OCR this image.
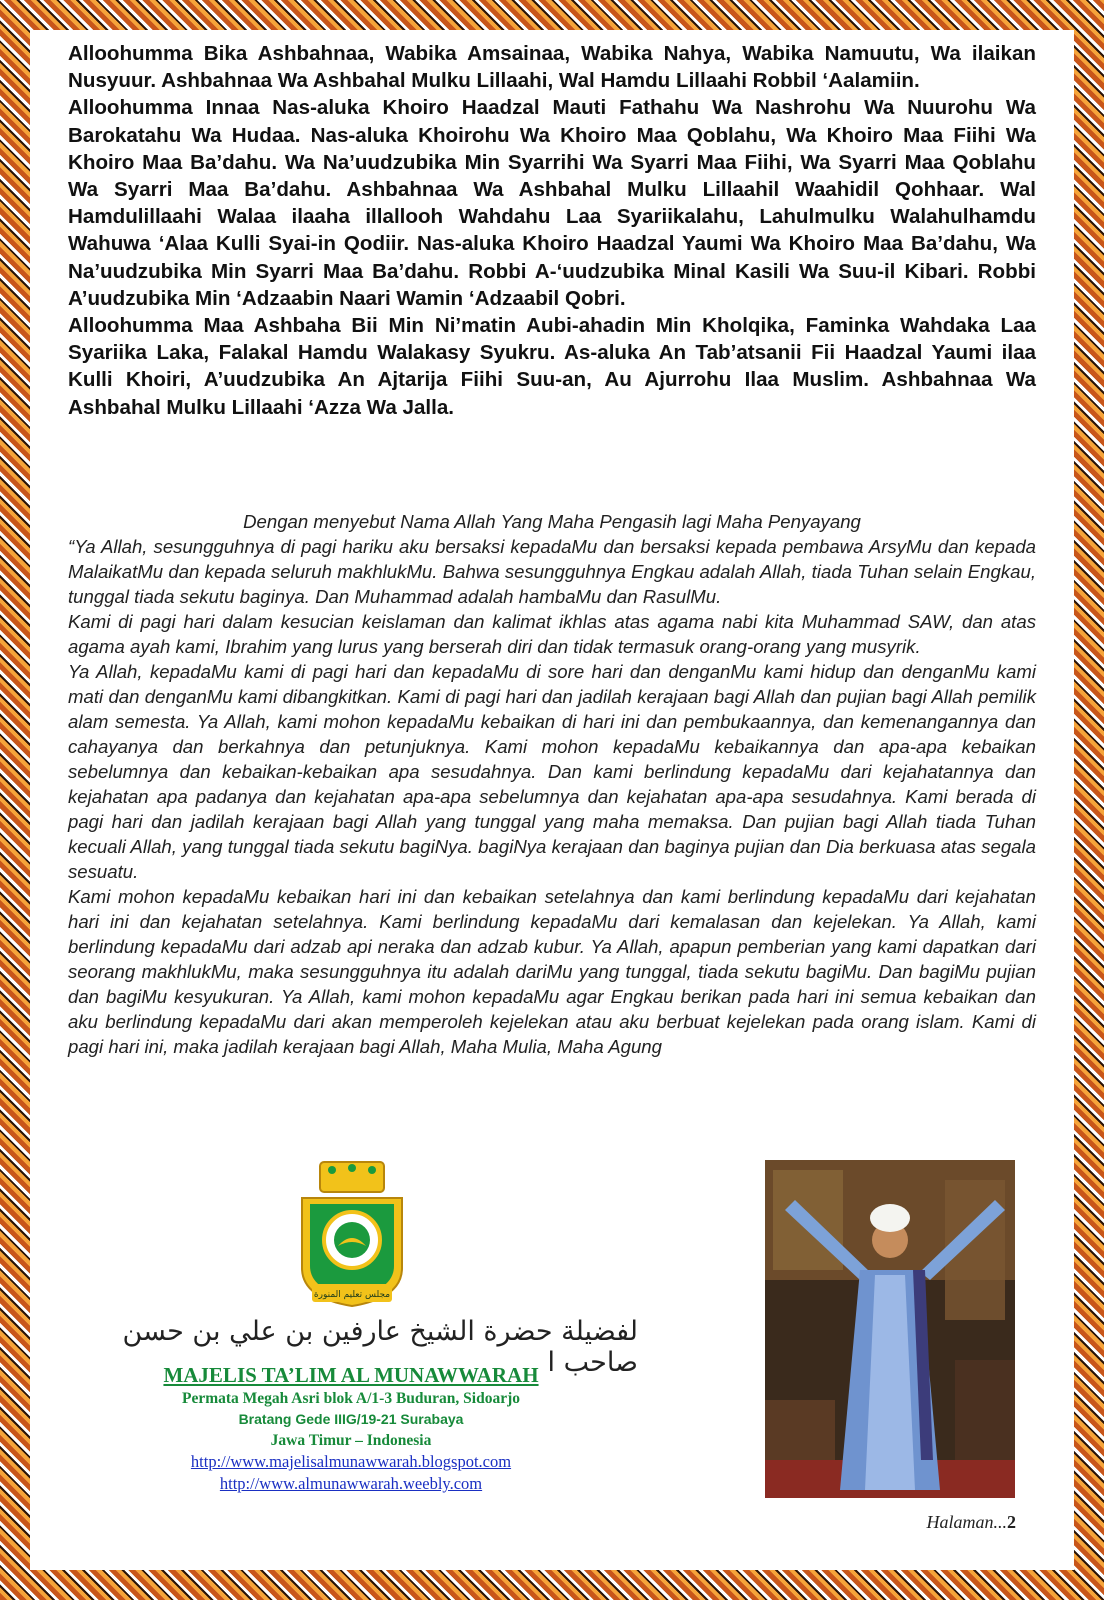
Alloohumma Bika Ashbahnaa, Wabika Amsainaa, Wabika Nahya, Wabika Namuutu, Wa ilaikan Nusyuur. Ashbahnaa Wa Ashbahal Mulku Lillaahi, Wal Hamdu Lillaahi Robbil ‘Aalamiin.

Alloohumma Innaa Nas-aluka Khoiro Haadzal Mauti Fathahu Wa Nashrohu Wa Nuurohu Wa Barokatahu Wa Hudaa. Nas-aluka Khoirohu Wa Khoiro Maa Qoblahu, Wa Khoiro Maa Fiihi Wa Khoiro Maa Ba’dahu. Wa Na’uudzubika Min Syarrihi Wa Syarri Maa Fiihi, Wa Syarri Maa Qoblahu Wa Syarri Maa Ba’dahu. Ashbahnaa Wa Ashbahal Mulku Lillaahil Waahidil Qohhaar. Wal Hamdulillaahi Walaa ilaaha illallooh Wahdahu Laa Syariikalahu, Lahulmulku Walahulhamdu Wahuwa ‘Alaa Kulli Syai-in Qodiir. Nas-aluka Khoiro Haadzal Yaumi Wa Khoiro Maa Ba’dahu, Wa Na’uudzubika Min Syarri Maa Ba’dahu. Robbi A-‘uudzubika Minal Kasili Wa Suu-il Kibari. Robbi A’uudzubika Min ‘Adzaabin Naari Wamin ‘Adzaabil Qobri.

Alloohumma Maa Ashbaha Bii Min Ni’matin Aubi-ahadin Min Kholqika, Faminka Wahdaka Laa Syariika Laka, Falakal Hamdu Walakasy Syukru. As-aluka An Tab’atsanii Fii Haadzal Yaumi ilaa Kulli Khoiri, A’uudzubika An Ajtarija Fiihi Suu-an, Au Ajurrohu Ilaa Muslim. Ashbahnaa Wa Ashbahal Mulku Lillaahi ‘Azza Wa Jalla.

Dengan menyebut Nama Allah Yang Maha Pengasih lagi Maha Penyayang

“Ya Allah, sesungguhnya di pagi hariku aku bersaksi kepadaMu dan bersaksi kepada pembawa ArsyMu dan kepada MalaikatMu dan kepada seluruh makhlukMu. Bahwa sesungguhnya Engkau adalah Allah, tiada Tuhan selain Engkau, tunggal tiada sekutu baginya. Dan Muhammad adalah hambaMu dan RasulMu.

Kami di pagi hari dalam kesucian keislaman dan kalimat ikhlas atas agama nabi kita Muhammad SAW, dan atas agama ayah kami, Ibrahim yang lurus yang berserah diri dan tidak termasuk orang-orang yang musyrik.

Ya Allah, kepadaMu kami di pagi hari dan kepadaMu di sore hari dan denganMu kami hidup dan denganMu kami mati dan denganMu kami dibangkitkan. Kami di pagi hari dan jadilah kerajaan bagi Allah dan pujian bagi Allah pemilik alam semesta. Ya Allah, kami mohon kepadaMu kebaikan di hari ini dan pembukaannya, dan kemenangannya dan cahayanya dan berkahnya dan petunjuknya. Kami mohon kepadaMu kebaikannya dan apa-apa kebaikan sebelumnya dan kebaikan-kebaikan apa sesudahnya. Dan kami berlindung kepadaMu dari kejahatannya dan kejahatan apa padanya dan kejahatan apa-apa sebelumnya dan kejahatan apa-apa sesudahnya. Kami berada di pagi hari dan jadilah kerajaan bagi Allah yang tunggal yang maha memaksa. Dan pujian bagi Allah tiada Tuhan kecuali Allah, yang tunggal tiada sekutu bagiNya. bagiNya kerajaan dan baginya pujian dan Dia berkuasa atas segala sesuatu.

Kami mohon kepadaMu kebaikan hari ini dan kebaikan setelahnya dan kami berlindung kepadaMu dari kejahatan hari ini dan kejahatan setelahnya. Kami berlindung kepadaMu dari kemalasan dan kejelekan. Ya Allah, kami berlindung kepadaMu dari adzab api neraka dan adzab kubur. Ya Allah, apapun pemberian yang kami dapatkan dari seorang makhlukMu, maka sesungguhnya itu adalah dariMu yang tunggal, tiada sekutu bagiMu. Dan bagiMu pujian dan bagiMu kesyukuran. Ya Allah, kami mohon kepadaMu agar Engkau berikan pada hari ini semua kebaikan dan aku berlindung kepadaMu dari akan memperoleh kejelekan atau aku berbuat kejelekan pada orang islam. Kami di pagi hari ini, maka jadilah kerajaan bagi Allah, Maha Mulia, Maha Agung

مجلس تعليم المنورة
لفضيلة حضرة الشيخ عارفين بن علي بن حسن صاحب ا
MAJELIS TA’LIM AL MUNAWWARAH
Permata Megah Asri blok A/1-3 Buduran, Sidoarjo
Bratang Gede IIIG/19-21 Surabaya
Jawa Timur – Indonesia
http://www.majelisalmunawwarah.blogspot.com
http://www.almunawwarah.weebly.com
Halaman...2
